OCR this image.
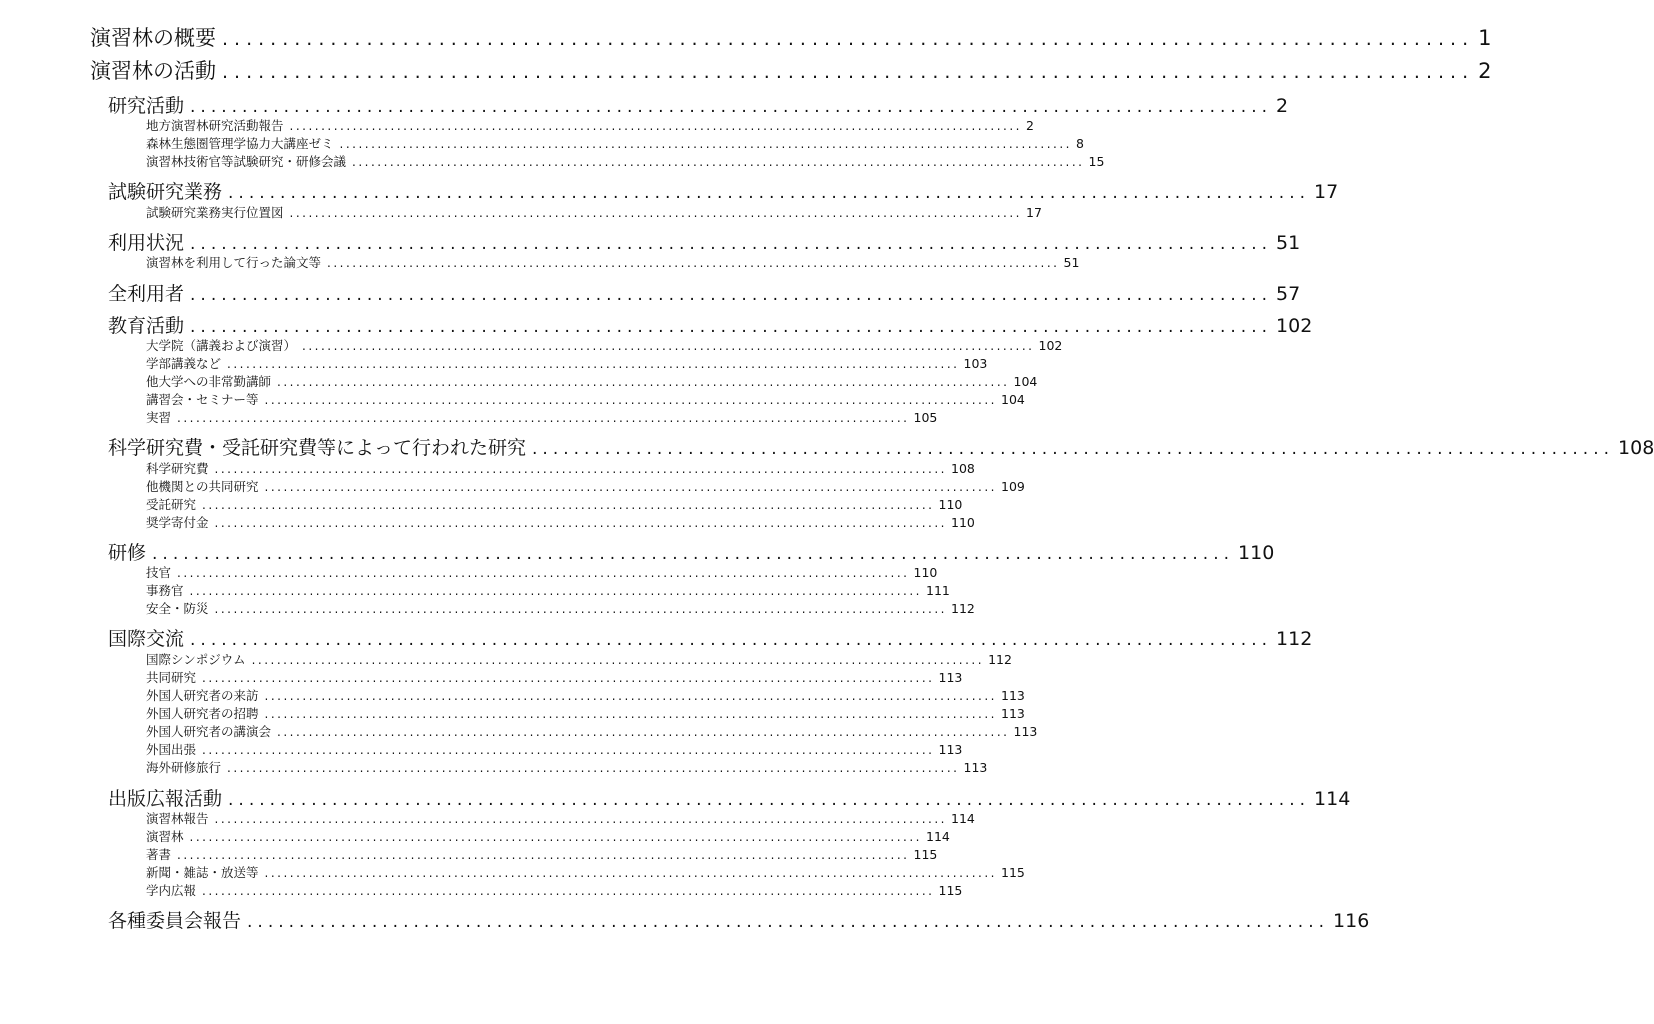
演習林の概要 ........................................................................................................ 1
演習林の活動 ........................................................................................................ 2
研究活動 ........................................................................................................ 2
地方演習林研究活動報告 .................................................................................................................... 2
森林生態圏管理学協力大講座ゼミ .................................................................................................................... 8
演習林技術官等試験研究・研修会議 .................................................................................................................... 15
試験研究業務 ........................................................................................................ 17
試験研究業務実行位置図 .................................................................................................................... 17
利用状況 ........................................................................................................ 51
演習林を利用して行った論文等 .................................................................................................................... 51
全利用者 ........................................................................................................ 57
教育活動 ........................................................................................................ 102
大学院（講義および演習） .................................................................................................................... 102
学部講義など .................................................................................................................... 103
他大学への非常勤講師 .................................................................................................................... 104
講習会・セミナー等 .................................................................................................................... 104
実習 .................................................................................................................... 105
科学研究費・受託研究費等によって行われた研究 ........................................................................................................ 108
科学研究費 .................................................................................................................... 108
他機関との共同研究 .................................................................................................................... 109
受託研究 .................................................................................................................... 110
奨学寄付金 .................................................................................................................... 110
研修 ........................................................................................................ 110
技官 .................................................................................................................... 110
事務官 .................................................................................................................... 111
安全・防災 .................................................................................................................... 112
国際交流 ........................................................................................................ 112
国際シンポジウム .................................................................................................................... 112
共同研究 .................................................................................................................... 113
外国人研究者の来訪 .................................................................................................................... 113
外国人研究者の招聘 .................................................................................................................... 113
外国人研究者の講演会 .................................................................................................................... 113
外国出張 .................................................................................................................... 113
海外研修旅行 .................................................................................................................... 113
出版広報活動 ........................................................................................................ 114
演習林報告 .................................................................................................................... 114
演習林 .................................................................................................................... 114
著書 .................................................................................................................... 115
新聞・雑誌・放送等 .................................................................................................................... 115
学内広報 .................................................................................................................... 115
各種委員会報告 ........................................................................................................ 116
